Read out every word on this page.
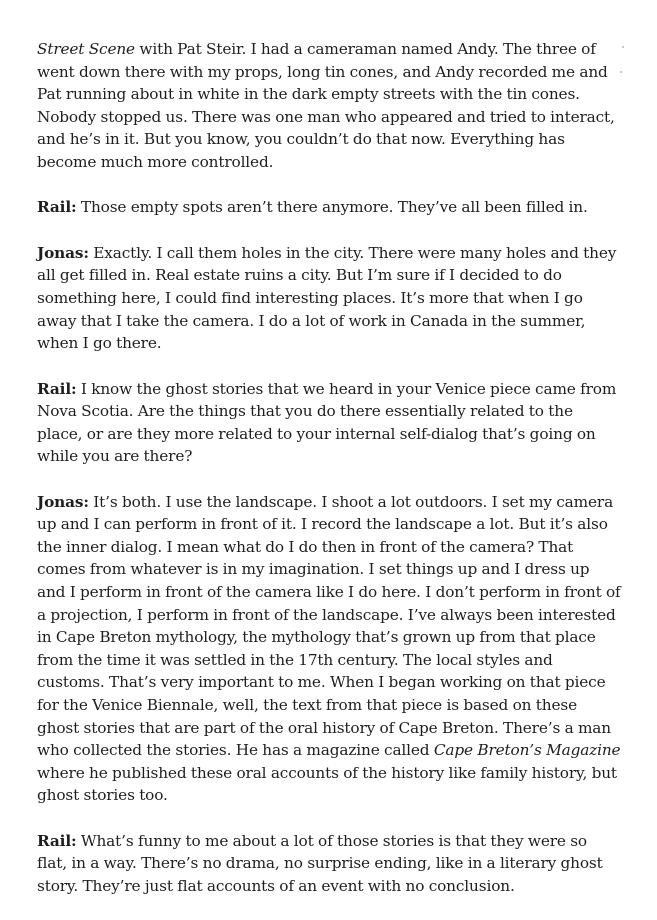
Street Scene with Pat Steir. I had a cameraman named Andy. The three of went down there with my props, long tin cones, and Andy recorded me and Pat running about in white in the dark empty streets with the tin cones. Nobody stopped us. There was one man who appeared and tried to interact, and he’s in it. But you know, you couldn’t do that now. Everything has become much more controlled.

Rail: Those empty spots aren’t there anymore. They’ve all been filled in.

Jonas: Exactly. I call them holes in the city. There were many holes and they all get filled in. Real estate ruins a city. But I’m sure if I decided to do something here, I could find interesting places. It’s more that when I go away that I take the camera. I do a lot of work in Canada in the summer, when I go there.

Rail: I know the ghost stories that we heard in your Venice piece came from Nova Scotia. Are the things that you do there essentially related to the place, or are they more related to your internal self-dialog that’s going on while you are there?

Jonas: It’s both. I use the landscape. I shoot a lot outdoors. I set my camera up and I can perform in front of it. I record the landscape a lot. But it’s also the inner dialog. I mean what do I do then in front of the camera? That comes from whatever is in my imagination. I set things up and I dress up and I perform in front of the camera like I do here. I don’t perform in front of a projection, I perform in front of the landscape. I’ve always been interested in Cape Breton mythology, the mythology that’s grown up from that place from the time it was settled in the 17th century. The local styles and customs. That’s very important to me. When I began working on that piece for the Venice Biennale, well, the text from that piece is based on these ghost stories that are part of the oral history of Cape Breton. There’s a man who collected the stories. He has a magazine called Cape Breton’s Magazine where he published these oral accounts of the history like family history, but ghost stories too.

Rail: What’s funny to me about a lot of those stories is that they were so flat, in a way. There’s no drama, no surprise ending, like in a literary ghost story. They’re just flat accounts of an event with no conclusion.
